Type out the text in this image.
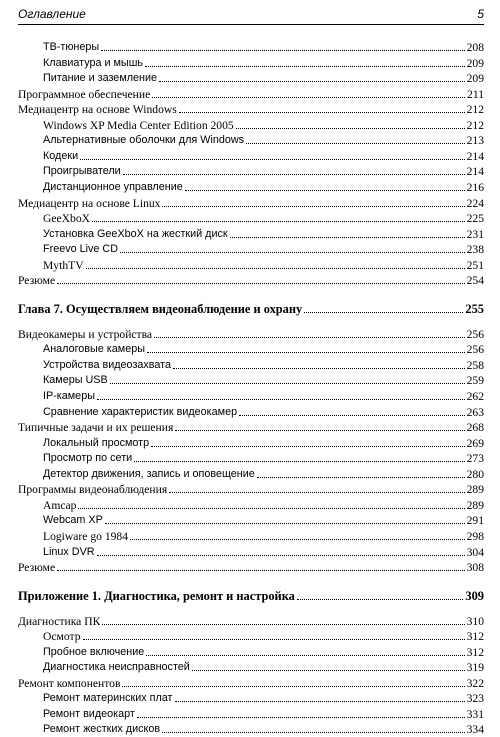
Оглавление	5
ТВ-тюнеры	208
Клавиатура и мышь	209
Питание и заземление	209
Программное обеспечение	211
Медиацентр на основе Windows	212
Windows XP Media Center Edition 2005	212
Альтернативные оболочки для Windows	213
Кодеки	214
Проигрыватели	214
Дистанционное управление	216
Медиацентр на основе Linux	224
GeeXboX	225
Установка GeeXboX на жесткий диск	231
Freevo Live CD	238
MythTV	251
Резюме	254
Глава 7. Осуществляем видеонаблюдение и охрану	255
Видеокамеры и устройства	256
Аналоговые камеры	256
Устройства видеозахвата	258
Камеры USB	259
IP-камеры	262
Сравнение характеристик видеокамер	263
Типичные задачи и их решения	268
Локальный просмотр	269
Просмотр по сети	273
Детектор движения, запись и оповещение	280
Программы видеонаблюдения	289
Amcap	289
Webcam XP	291
Logiware go 1984	298
Linux DVR	304
Резюме	308
Приложение 1. Диагностика, ремонт и настройка	309
Диагностика ПК	310
Осмотр	312
Пробное включение	312
Диагностика неисправностей	319
Ремонт компонентов	322
Ремонт материнских плат	323
Ремонт видеокарт	331
Ремонт жестких дисков	334
